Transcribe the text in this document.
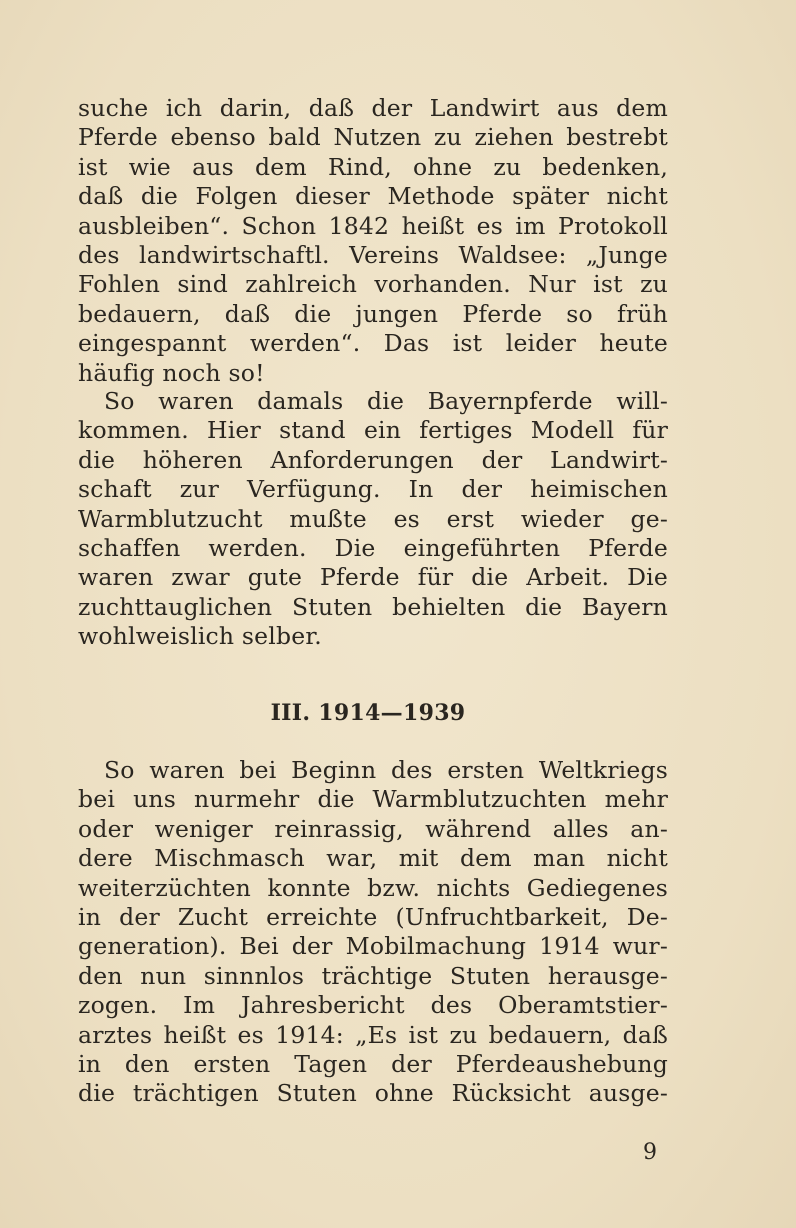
suche ich darin, daß der Landwirt aus dem
Pferde ebenso bald Nutzen zu ziehen bestrebt
ist wie aus dem Rind, ohne zu bedenken,
daß die Folgen dieser Methode später nicht
ausbleiben“. Schon 1842 heißt es im Protokoll
des landwirtschaftl. Vereins Waldsee: „Junge
Fohlen sind zahlreich vorhanden. Nur ist zu
bedauern, daß die jungen Pferde so früh
eingespannt werden“. Das ist leider heute
häufig noch so!
So waren damals die Bayernpferde will-
kommen. Hier stand ein fertiges Modell für
die höheren Anforderungen der Landwirt-
schaft zur Verfügung. In der heimischen
Warmblutzucht mußte es erst wieder ge-
schaffen werden. Die eingeführten Pferde
waren zwar gute Pferde für die Arbeit. Die
zuchttauglichen Stuten behielten die Bayern
wohlweislich selber.
III. 1914—1939
So waren bei Beginn des ersten Weltkriegs
bei uns nurmehr die Warmblutzuchten mehr
oder weniger reinrassig, während alles an-
dere Mischmasch war, mit dem man nicht
weiterzüchten konnte bzw. nichts Gediegenes
in der Zucht erreichte (Unfruchtbarkeit, De-
generation). Bei der Mobilmachung 1914 wur-
den nun sinnnlos trächtige Stuten herausge-
zogen. Im Jahresbericht des Oberamtstier-
arztes heißt es 1914: „Es ist zu bedauern, daß
in den ersten Tagen der Pferdeaushebung
die trächtigen Stuten ohne Rücksicht ausge-
9
